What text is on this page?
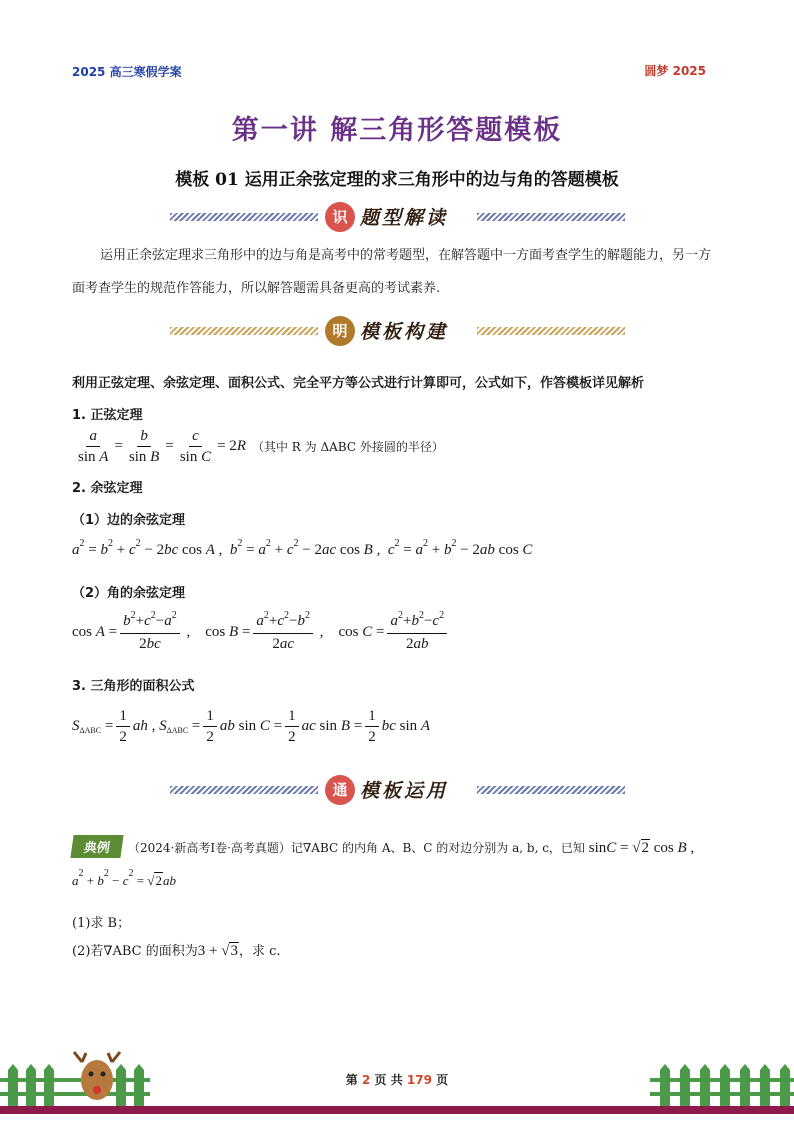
2025 高三寒假学案	圆梦 2025
第一讲 解三角形答题模板
模板 01 运用正余弦定理的求三角形中的边与角的答题模板
识 题型解读
运用正余弦定理求三角形中的边与角是高考中的常考题型，在解答题中一方面考查学生的解题能力，另一方面考查学生的规范作答能力，所以解答题需具备更高的考试素养.
明 模板构建
利用正弦定理、余弦定理、面积公式、完全平方等公式进行计算即可，公式如下，作答模板详见解析
1. 正弦定理
$\frac{a}{\text{sin A}} = \frac{b}{\text{sin B}} = \frac{c}{\text{sin C}} = 2$ R （其中 R 为 ΔABC 外接圆的半径）
2. 余弦定理
（1）边的余弦定理
a 2 = b 2 + c 2 − 2 bc cos A , b 2 = a 2 + c 2 − 2 ac cos B , c 2 = a 2 + b 2 − 2 ab cos C
（2）角的余弦定理
$\cos A = \frac{b^2+c^2-a^2}{2bc}$ ,    $\cos B = \frac{a^2+c^2-b^2}{2ac}$ ,    $\cos C = \frac{a^2+b^2-c^2}{2ab}$
3. 三角形的面积公式
S $\Delta ABC = \frac{1}{2}$ ah , S $\Delta ABC = \frac{1}{2}$ ab $\sin C = \frac{1}{2}$ ac $\sin B = \frac{1}{2}$ bc sin A
通 模板运用
典例 （2024·新高考Ⅰ卷·高考真题）记∇ABC 的内角 A、B、C 的对边分别为 a, b, c，已知 sinC = √2 cos B ,
a 2 + b 2 − c 2 = √ 2 ab
(1)求 B；
(2)若∇ABC 的面积为3 + √3，求 c.
第 2 页 共 179 页
